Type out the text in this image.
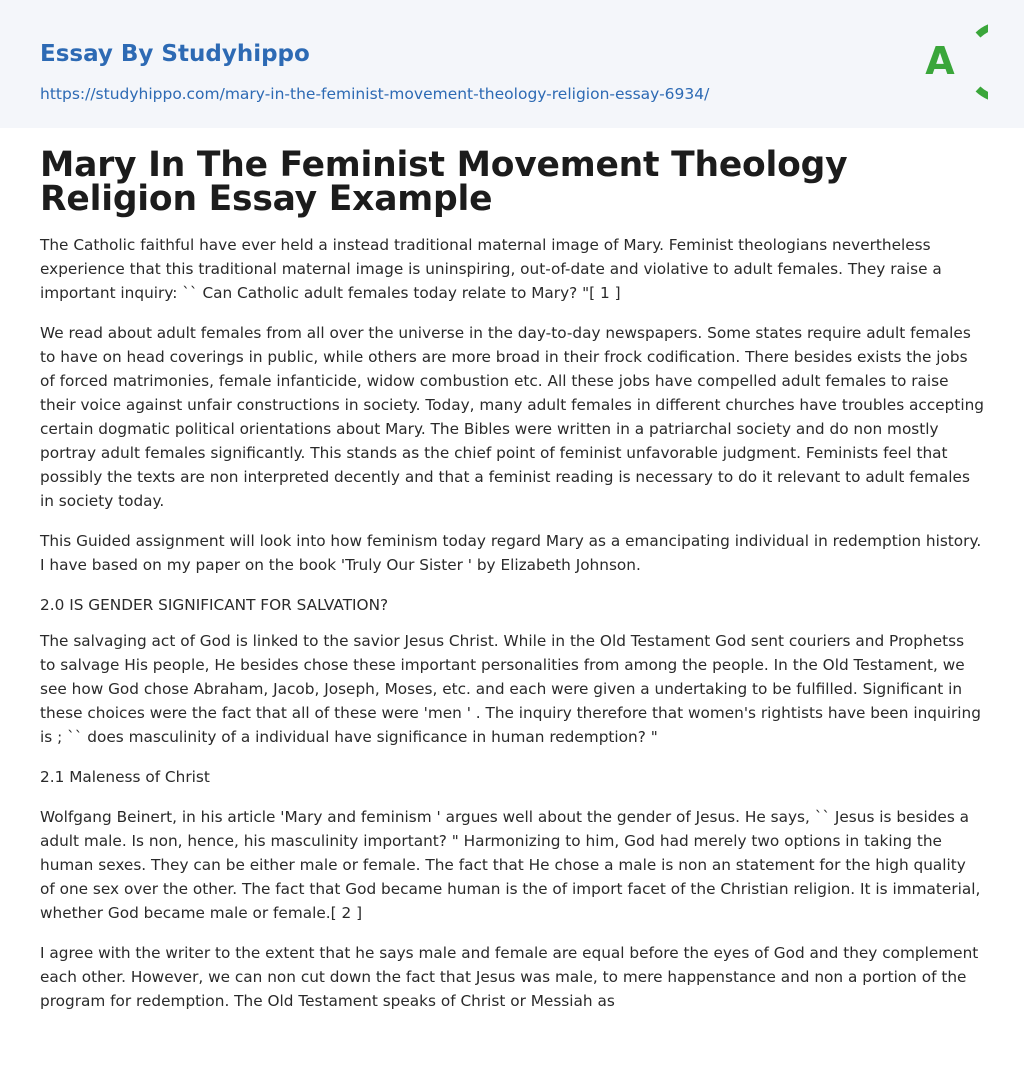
Essay By Studyhippo
https://studyhippo.com/mary-in-the-feminist-movement-theology-religion-essay-6934/
A
Mary In The Feminist Movement Theology Religion Essay Example

The Catholic faithful have ever held a instead traditional maternal image of Mary. Feminist theologians nevertheless experience that this traditional maternal image is uninspiring, out-of-date and violative to adult females. They raise a important inquiry: `` Can Catholic adult females today relate to Mary? "[ 1 ]

We read about adult females from all over the universe in the day-to-day newspapers. Some states require adult females to have on head coverings in public, while others are more broad in their frock codification. There besides exists the jobs of forced matrimonies, female infanticide, widow combustion etc. All these jobs have compelled adult females to raise their voice against unfair constructions in society. Today, many adult females in different churches have troubles accepting certain dogmatic political orientations about Mary. The Bibles were written in a patriarchal society and do non mostly portray adult females significantly. This stands as the chief point of feminist unfavorable judgment. Feminists feel that possibly the texts are non interpreted decently and that a feminist reading is necessary to do it relevant to adult females in society today.

This Guided assignment will look into how feminism today regard Mary as a emancipating individual in redemption history. I have based on my paper on the book 'Truly Our Sister ' by Elizabeth Johnson.

2.0 IS GENDER SIGNIFICANT FOR SALVATION?

The salvaging act of God is linked to the savior Jesus Christ. While in the Old Testament God sent couriers and Prophetss to salvage His people, He besides chose these important personalities from among the people. In the Old Testament, we see how God chose Abraham, Jacob, Joseph, Moses, etc. and each were given a undertaking to be fulfilled. Significant in these choices were the fact that all of these were 'men ' . The inquiry therefore that women's rightists have been inquiring is ; `` does masculinity of a individual have significance in human redemption? "

2.1 Maleness of Christ

Wolfgang Beinert, in his article 'Mary and feminism ' argues well about the gender of Jesus. He says, `` Jesus is besides a adult male. Is non, hence, his masculinity important? " Harmonizing to him, God had merely two options in taking the human sexes. They can be either male or female. The fact that He chose a male is non an statement for the high quality of one sex over the other. The fact that God became human is the of import facet of the Christian religion. It is immaterial, whether God became male or female.[ 2 ]

I agree with the writer to the extent that he says male and female are equal before the eyes of God and they complement each other. However, we can non cut down the fact that Jesus was male, to mere happenstance and non a portion of the program for redemption. The Old Testament speaks of Christ or Messiah as
